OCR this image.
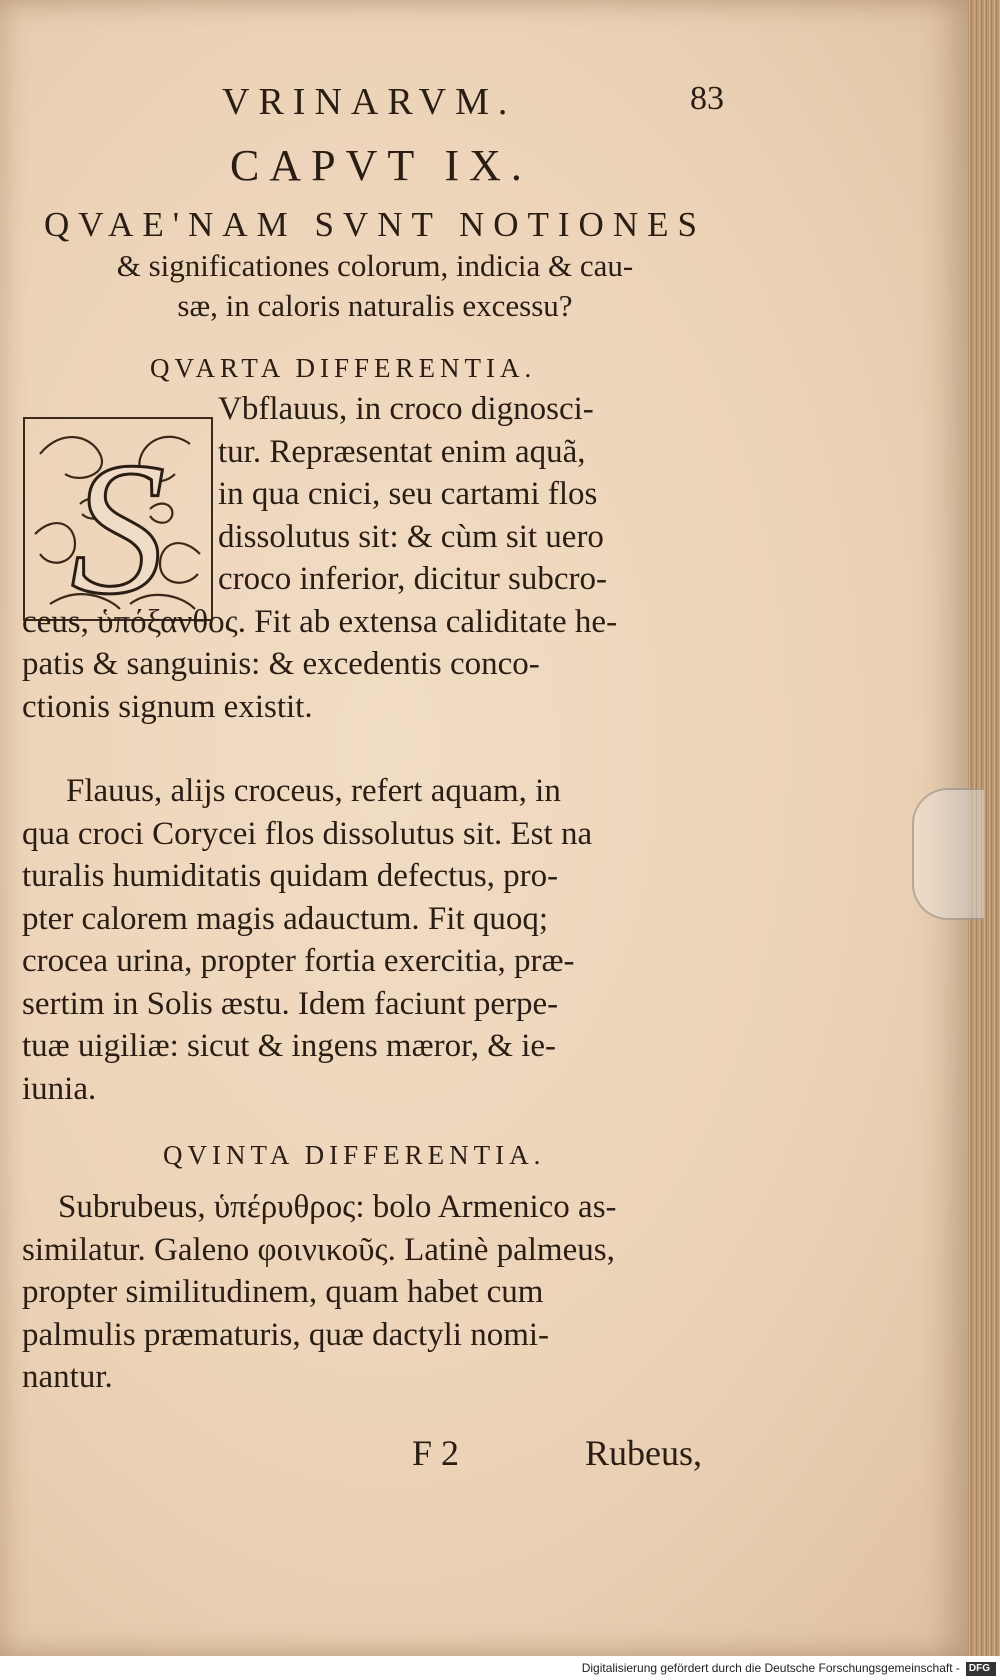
VRINARVM.	83
CAPVT IX.
QVAE'NAM SVNT NOTIONES
& significationes colorum, indicia & cau-
sæ, in caloris naturalis excessu?
QVARTA DIFFERENTIA.
S
Vbflauus, in croco dignosci-
tur. Repræsentat enim aquã,
in qua cnici, seu cartami flos
dissolutus sit: & cùm sit uero
croco inferior, dicitur subcro-
ceus, ὑπόξανθος. Fit ab extensa caliditate he-
patis & sanguinis: & excedentis conco-
ctionis signum existit.
Flauus, alijs croceus, refert aquam, in
qua croci Corycei flos dissolutus sit. Est na
turalis humiditatis quidam defectus, pro-
pter calorem magis adauctum. Fit quoq;
crocea urina, propter fortia exercitia, præ-
sertim in Solis æstu. Idem faciunt perpe-
tuæ uigiliæ: sicut & ingens mæror, & ie-
iunia.
QVINTA DIFFERENTIA.
Subrubeus, ὑπέρυθρος: bolo Armenico as-
similatur. Galeno φοινικοῦς. Latinè palmeus,
propter similitudinem, quam habet cum
palmulis præmaturis, quæ dactyli nomi-
nantur.
F 2	Rubeus,
Digitalisierung gefördert durch die Deutsche Forschungsgemeinschaft - DFG
